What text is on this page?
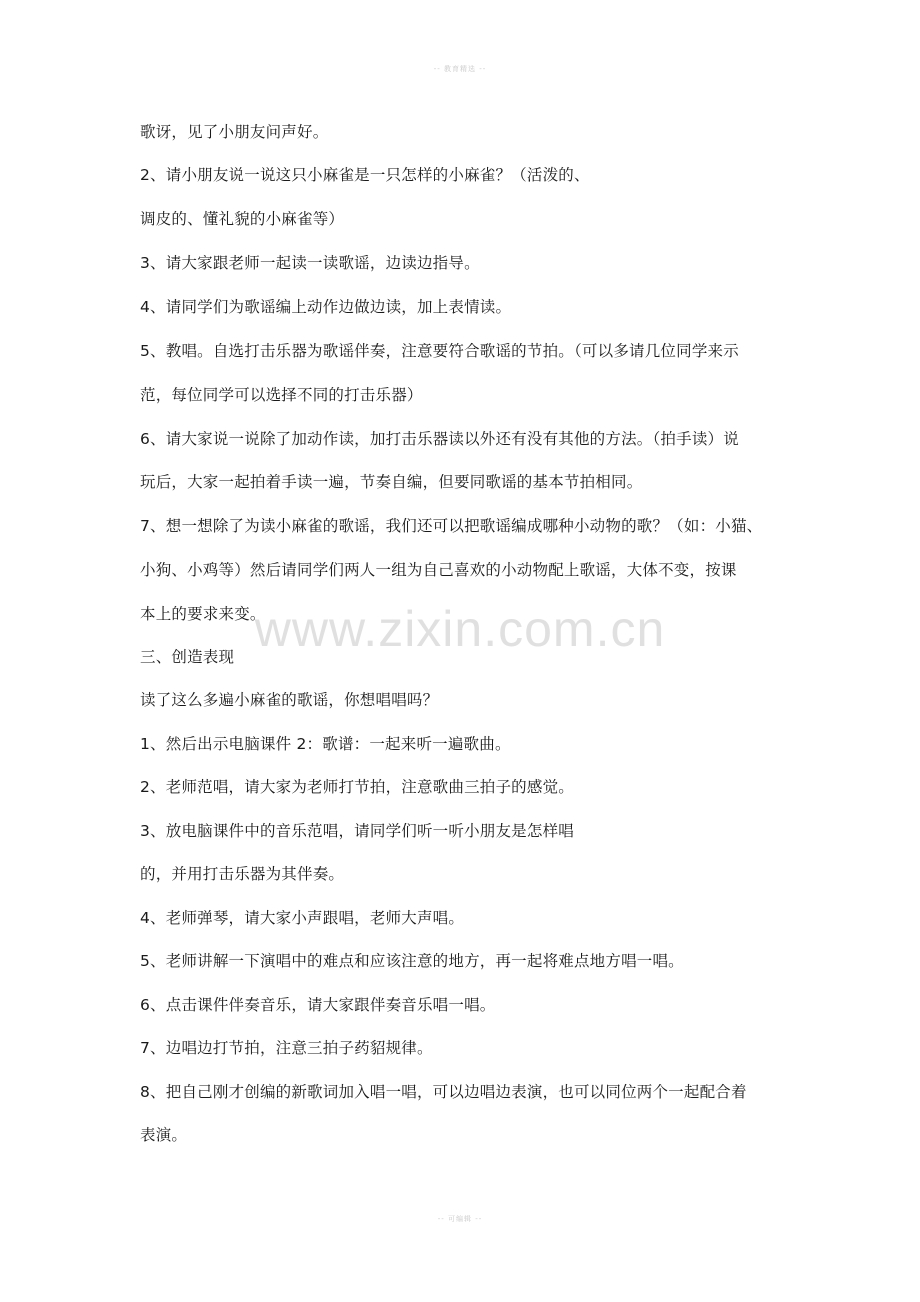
-- 教育精选 --
歌讶，见了小朋友问声好。
2、请小朋友说一说这只小麻雀是一只怎样的小麻雀？（活泼的、
调皮的、懂礼貌的小麻雀等）
3、请大家跟老师一起读一读歌谣，边读边指导。
4、请同学们为歌谣编上动作边做边读，加上表情读。
5、教唱。自选打击乐器为歌谣伴奏，注意要符合歌谣的节拍。（可以多请几位同学来示
范，每位同学可以选择不同的打击乐器）
6、请大家说一说除了加动作读，加打击乐器读以外还有没有其他的方法。（拍手读）说
玩后，大家一起拍着手读一遍，节奏自编，但要同歌谣的基本节拍相同。
7、想一想除了为读小麻雀的歌谣，我们还可以把歌谣编成哪种小动物的歌？（如：小猫、
小狗、小鸡等）然后请同学们两人一组为自己喜欢的小动物配上歌谣，大体不变，按课
本上的要求来变。
三、创造表现
读了这么多遍小麻雀的歌谣，你想唱唱吗？
1、然后出示电脑课件 2：歌谱：一起来听一遍歌曲。
2、老师范唱，请大家为老师打节拍，注意歌曲三拍子的感觉。
3、放电脑课件中的音乐范唱，请同学们听一听小朋友是怎样唱
的，并用打击乐器为其伴奏。
4、老师弹琴，请大家小声跟唱，老师大声唱。
5、老师讲解一下演唱中的难点和应该注意的地方，再一起将难点地方唱一唱。
6、点击课件伴奏音乐，请大家跟伴奏音乐唱一唱。
7、边唱边打节拍，注意三拍子药貂规律。
8、把自己刚才创编的新歌词加入唱一唱，可以边唱边表演，也可以同位两个一起配合着
表演。
www.zixin.com.cn
-- 可编辑 --
